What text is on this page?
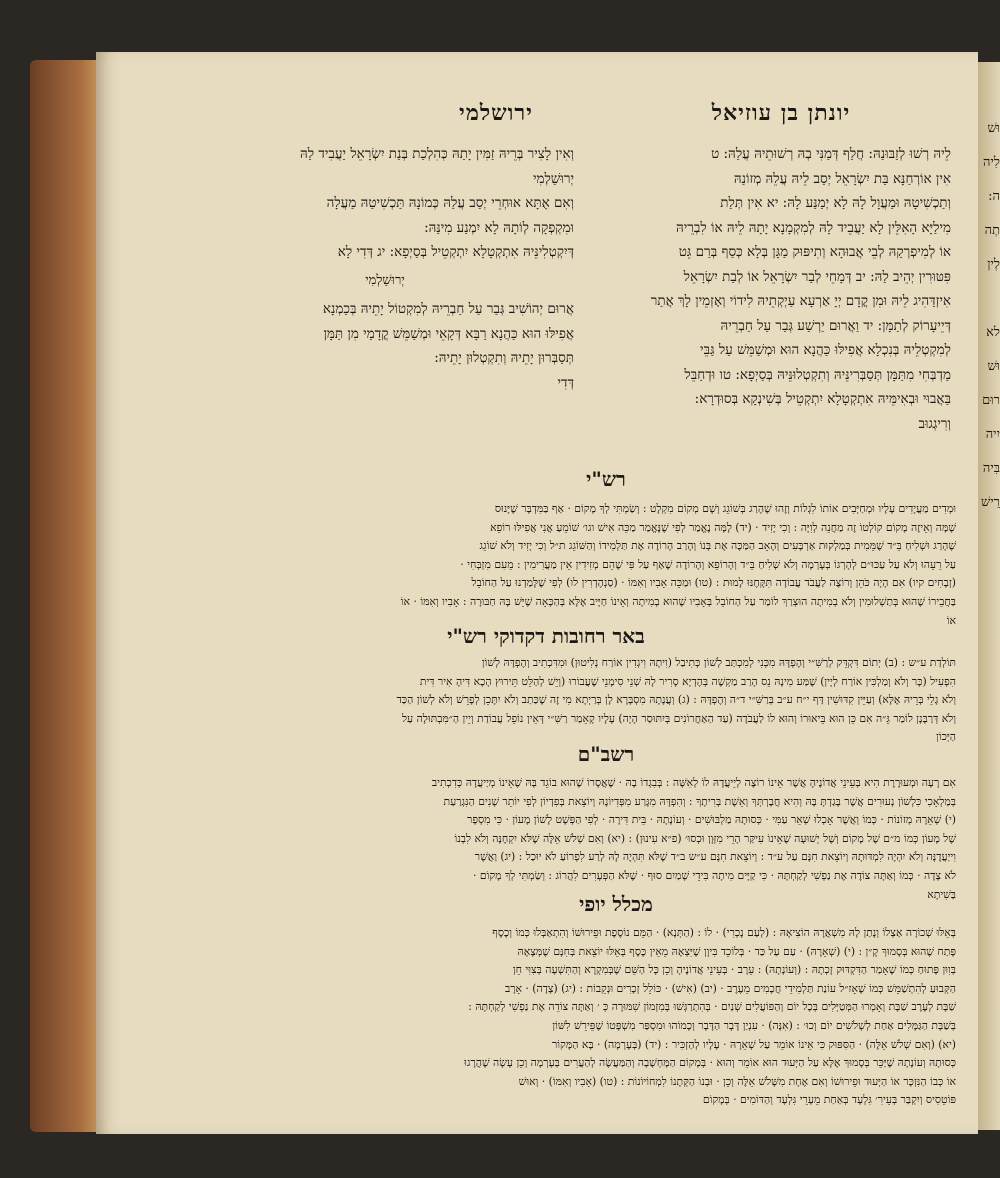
וּשׁ
לִיה
ה:
תְה
לְין

לא
וּשׁ
רוּם
יִיה
בִּיה
רֵישׁ
ירושלמי	יונתן בן עוזיאל

לֵיהּ רְשׁוּ לְזַבּוּנַהּ: חֲלַף דְּמַנִּי בְהּ רְשׁוּתֵיהּ עֲלַהּ: ט

אִין אוֹרְחַנָּא בַּת יִשְׂרָאֵל יְסַב לֵיהּ עֲלֵהּ מְזוֹנַהּ

וְתַכְשִׁיטָהּ וּמַעֲוָל לָהּ לָא יְמַנַּע לָהּ: יא אִין תְּלַת

מִילַיָּא הָאִלֵּין לָא יַעֲבֵיד לָהּ לְמִקְמָנָא יָתָהּ לֵיהּ אוֹ לִבְרֵיהּ

אוֹ לְמִיפְרְקַהּ לְבֵי אֲבוּהָא וְתִיפּוּק מַגָּן בְּלָא כְּסַף בְּרַם גֵּט

פִּטּוּרִין יְהֵיב לַהּ: יב דְּמָחֵי לְבַר יִשְׂרָאֵל אוֹ לְבַת יִשְׂרָאֵל

אִיזְדַּהִיג לֵיהּ וּמִן קֳדָם יְיָ אַרְעָא עַיְקְתֵיהּ לִידוֹי וְאָזְמֵין לָךְ אֲתַר

דְּיֵיעָרוֹק לְתַמָּן: יד וַאֲרוּם יַרְשַׁע גְּבַר עַל חַבְרֵיהּ

לְמִקְטְלֵיהּ בְּנִכְלָא אֲפִילּוּ כַּהֲנָא הוּא וּמְשַׁמֵּשׁ עַל גַּבֵּי

מַדְבְּחִי מִתַּמָּן תְּסַבְּרִינֵּיהּ וְתִקְטְלוּנֵּיהּ בְּסַיְפָא: טו וּדְחַבֵּל

בַּאֲבוּי וּבְאִימֵּיהּ אִתְקְטָלָא יִתְקְטֵיל בְּשִׁינְקָא בְּסוּדְרָא:

וְרִיגְגוּב

וְאִין לָצִיר בְּרֵיהּ זַמִּין יָתַהּ כְּהִלְכַת בְּנַת יִשְׂרָאֵל יַעֲבִיד לַהּ

יְרוּשַׁלְמִי

וְאִם אֻתָּא אוּחְרֵי יְסַב עֲלַהּ כְּמוֹנָהּ תַּכְשִׁיטַהּ מַעֲלָה

וּמִקְפְקָה לְוֹתָהּ לָא יִמְנַע מִינַּהּ:

דְּיִקְטְלִינֵּיהּ אִתְקְטָלָא יִתְקְטֵיל בְּסַיְפָא: יג דְּדִי לָא

יְרוּשַׁלְמִי

אֲרוּם יְהוֹשִׁיב גְּבַר עַל חַבְרֵיהּ לְמִקְטוֹל יָתֵיהּ בְּכַמְנָא

אֲפִילּוּ הוּא כַּהֲנָא רַבָּא דְּקָאֵי וּמְשַׁמֵּשׁ קֳדָמַי מִן תַּמָּן

תְּסַבְּרוּן יָתֵיהּ וְתִקְטְלוּן יָתֵיהּ:

דְּדִי

רש"י

וּמְדִים מַעֲיָדִים עָלָיו וּמְחַיְּבִים אוֹתוֹ לִגְלוֹת וְזֶהוּ שֶׁהָרַג בְּשׁוֹגֵג וְשָׁם מְקוֹם מִקְלָט : וְשַׂמְתִּי לְךָ מָקוֹם · אַף בַּמִּדְבָּר שֶׁיָּנוּס

שָׁמָּה וְאֵיזֶה מָקוֹם קוֹלְטוֹ זֶה מַחֲנֵה לְוִיָּה : וְכִי יָזִיד · (יד) לָמָּה נֶאֱמַר לְפִי שֶׁנֶּאֱמַר מַכֵּה אִישׁ וגו׳ שׁוֹמֵעַ אֲנִי אֲפִילּוּ רוֹפֵא

שֶׁהָרַג וּשְׁלִיחַ בֵּ״ד שֶׁמֵּמִית בְּמַלְקוּת אַרְבָּעִים וְהָאָב הַמַּכֶּה אֶת בְּנוֹ וְהָרַב הָרוֹדֶה אֶת תַּלְמִידוֹ וְהַשּׁוֹגֵג ת״ל וְכִי יָזִיד וְלֹא שׁוֹגֵג

עַל רֵעֵהוּ וְלֹא עַל עַכּוּ״ם לְהָרְגוֹ בְּעָרְמָה וְלֹא שְׁלִיחַ בֵּ״ד וְהָרוֹפֵא וְהָרוֹדֶה שֶׁאַף עַל פִּי שֶׁהֵם מְזִידִין אֵין מַעֲרִימִין : מֵעִם מִזְבְּחִי ·

(זְבָחִים קיו) אִם הָיָה כֹּהֵן וְרוֹצֶה לַעֲבֹד עֲבוֹדָה תִּקָּחֶנּוּ לָמוּת : (טו) וּמַכֵּה אָבִיו וְאִמּוֹ · (סַנְהֶדְרִין לו) לְפִי שֶׁלָּמַדְנוּ עַל הַחוֹבֵל

בַּחֲבֵירוֹ שֶׁהוּא בְּתַשְׁלוּמִין וְלֹא בְמִיתָה הוּצְרַךְ לוֹמַר עַל הַחוֹבֵל בְּאָבִיו שֶׁהוּא בְמִיתָה וְאֵינוֹ חַיָּיב אֶלָּא בְּהַכָּאָה שֶׁיֵּשׁ בָּהּ חַבּוּרָה : אָבִיו וְאִמּוֹ · אוֹ

אוֹ

באר רחובות דקדוקי רש"י

תּוֹלְדַת ע״ש : (ב) יְתוֹם דִּקְדֵּק לְרַשִּׁ״י וְהֶפְדָּהּ מִכְּנִי לְמִכְתַּב לְשׁוֹן כְּתִיבַל (וִיתָהּ וִיגְדִין אוֹרַח נְלִיטוּן) וּמִדִּכְתִיב וְהֶפְדָּהּ לְשׁוֹן

הִפְעִיל (כָּר וְלֹא וְמַלְכִּין אוֹרַח לְיָין) שֶׁמַּע מִינָהּ נֵס הָרַב מַקְשֶׁה בְּהֶדְיָא סָרִיר לָהּ שְׁנֵי סִימָנֵי שֶׁעֲבוֹרוּ (וְיֵשׁ לְהַלֵּט תֵּירוּץ הָכָא דִּיהָ אִיר דִּית

וְלֹא גָלֵי בְּרֵיהּ אֶלָּא) וְעַיֵּין קִדּוּשִׁין דַּף י״ח ע״ב בְּרַשִּׁ״י ד״ה וְהֶפְדָּהּ : (ג) וְעֲנָתָהּ מִסְבָּרָא לָן בְּרַיְתָא מִי זֶה שֶׁכַּתַב וְלֹא יִתָּכֵן לְפָרֵשׁ וְלֹא לְשׁוֹן הַכַּד

וְלֹא דְּרַבָּנָן לוֹמַר גֵּ״ה אִם כֵּן הוּא בֵּיאוּרוֹ וְהוּא לוֹ לַעֲבֹדָה (עַד הַאַחֲרוֹנִים בְּיִתּוּסַר הָיָה) עָלָיו קָאֵמַר רַשִּׁ״י דְּאֵין נוֹפֵל עֲבוֹדַת וְיֵין הַ״מִּבְתּוּלָה עַל

הַיְּכוֹן

רשב"ם

אִם רָעָה וּמְעוּרֶרֶת הִיא בְּעֵינֵי אֲדוֹנֶיהָ אֲשֶׁר אֵינוֹ רוֹצֶה לְיֵיעֲדָהּ לוֹ לְאִשָּׁה : בְּבִגְדוֹ בָהּ · שֶׁאֲסָרוֹ שֶׁהוּא בוֹגֵד בָּהּ שֶׁאֵינוֹ מְיַיעֲדָהּ כְּדִכְתִיב

בְּמַלְאָכִי כִּלְשׁוֹן נְעוּרִים אֲשֶׁר בָּגַדְתָּ בָּהּ וְהִיא חֲבֶרְתְּךָ וְאֵשֶׁת בְּרִיתֶךָ : וְהִפְדָּהּ מִגָּרַע מִפְּדִיוֹנָהּ וְיוֹצֵאת בְּפִדְיוֹן לְפִי יוֹתֵר שָׁנִים הַנִּגְרַעַת

(י) שְׁאֵרָהּ מְזוֹנוֹת · כְּמוֹ וְאֲשֶׁר אָכְלוּ שְׁאֵר עַמִּי · כְּסוּתָהּ מַלְבּוּשִׁים · וְעוֹנָתָהּ · בֵּית דִּירָה · לְפִי הַפְּשָׁט לָשׁוֹן מָעוֹן · כִּי מִסְפָר

שֶׁל מָעוֹן כְּמוֹ מ״ם שֶׁל מָקוֹם וְשֶׁל יְשׁוּעָה שֶׁאֵינוֹ עִיקַּר הָרֵי מִזְּוָן וּכְסוּ׳ (פ״א עִינוּן) : (יא) וְאִם שְׁלֹשׁ אֵלֶּה שֶׁלֹּא יִקְחֶנָּה וְלֹא לִבְנוֹ

וִייַעֲדֶנָּה וְלֹא יִהְיֶה לִמְדּוּתָהּ וְיוֹצֵאת חִנָּם עַל ע״ד : וְיוֹצֵאת חִנָּם ע״ש ב״ד שֶׁלֹּא תִּהְיֶה לָהּ לְרַע לִפְרוֹעַ לֹא יוּכַל : (יג) וַאֲשֶׁר

לֹא צָדָה · כְּמוֹ וְאַתָּה צוֹדֶה אֶת נַפְשִׁי לְקַחְתָּהּ · כִּי קַיָּים מִיתָה בִּידֵי שָׁמַיִם סוּף · שֶׁלֹּא הַפְּעָרִים לִהֲרוֹג : וְשַׂמְתִּי לְךָ מָקוֹם ·

בַּשִׁיתָא

מכלל יופי

בְּאֵלּוּ שְׁכוֹרָה אַצְלוֹ וְנָתַן לָהּ מִשְׁאֲרָהּ הוֹצִיאָהּ : (לְעַם נָכְרִי) · לוֹ : (הַתְּנָא) · הַמֵּם נוֹסֶפֶת וּפֵירוּשׁוֹ וְהִתְאַבְּלוּ כְּמוֹ וְכֶסֶף

פָּתַח שֶׁהוּא בְּסָמוּךְ קָ״ן : (י) (שְׁאֵרָהּ) · עַם עַל כַּד · בְּלוֹכֵד בִּיוָן שֶׁיִּצְאָהּ מֵאֵין כֶּסֶף בְּאֵלּוּ יוֹצֵאת בְּחִנָּם שֶׁמְּצָאָהּ

בְּוִוּן פָּתוּחַ כְּמוֹ שֶׁאָמַר הַדִּקְדּוּק זָכְתָהּ : (וְעוֹנָתָהּ) : עֵרָב · בְּעֵינֵי אֲדוֹנֶיהָ וְכֵן כָּל הַשֵּׁם שֶׁבְּמִקְרָא וְהַתִּשְׁעָה בְּצִוִּי חֵן

הַקְּבוּעַ לְהִתְשַׁמֵּשׁ כְּמוֹ שֶׁאָז״ל עוֹנַת תַּלְמִידֵי חֲכָמִים מֵעֶרֶב · (יב) (אִישׁ) · כּוֹלֵל זְכָרִים וּנְקֵבוֹת : (יג) (צָדָה) · אָרָב

שַׁבָּת לְעֶרֶב שַׁבָּת וְאָמְרוּ הַמְּטַיְּלִים בְּכָל יוֹם וְהַפּוֹעֲלִים שְׁנַיִם · בְּהִתְרַגְּשׁוּ בְּמִזְמוֹן שִׁמּוּרָה כְּ ׳ וְאַתָּה צוֹדֵה אֶת נַפְשִׁי לְקַחְתָּהּ :

בְּשַׁבָּת הַגַּמָּלִים אַחַת לְשְׁלֹשִׁים יוֹם וְכוּ׳ : (אִנָּה) · עִנְיַן דָּבָר הַדָּבָר וְכָמוֹהוּ וּמִסְפַּר מִשְׁפָּטוֹ שֶׁפֵּירֵשׁ לִשּׁוֹן

(יא) (וְאִם שְׁלֹשׁ אֵלֶּה) · הַסִּפּוּק כִּי אֵינוֹ אוֹמֵר עַל שְׁאֵרָהּ · עָלָיו לְהַזְכִּיר : (יד) (בְּעָרְמָה) · בָּא הַמָּקוֹר

כְּסוּתָהּ וְעוֹנָתָהּ שֶׁיַּכֵּר בְּסָמוּךְ אֶלָּא עַל הַיְּעוּד הוּא אוֹמֵר וְהוּא · בְּמָקוֹם הַמָּחְשָׁבָה וְהַמַּעֲשֶׂה לְהַעֲרִים בְּעָרְמָה וְכֵן עָשָׂה שֶׁהֲרָגוּ

אוֹ כְּבוֹ הַנִּזְכָּר אוֹ הַיְּעוּד וּפֵירוּשׁוֹ וְאִם אֶחָת מִשָּׁלֹשׁ אֵלֶּה וְכֵן · וּבְנוֹ הַקְּתָנוֹ לִמְחוֹיוֹנוֹת : (טו) (אָבִיו וְאִמּוֹ) · וְאוּשׁ

פּוֹטֵסִיס וְיִקְבַּר בְּעֵירִ׳ גִּלְעָד בְּאַחַת מֵעָרֵי גִּלְעָד וְהַדּוֹמִים · בְּמָקוֹם
